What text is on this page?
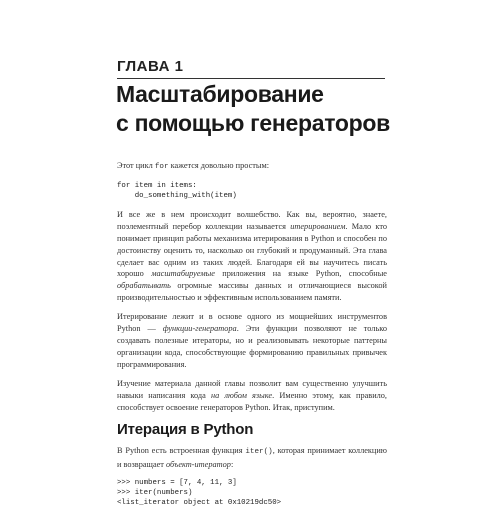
ГЛАВА 1
Масштабирование
с помощью генераторов

Этот цикл for кажется довольно простым:

for item in items:
do_something_with(item)

И все же в нем происходит волшебство. Как вы, вероятно, знаете, поэлементный перебор коллекции называется итерированием. Мало кто понимает принцип работы механизма итерирования в Python и способен по достоинству оценить то, насколько он глубокий и продуманный. Эта глава сделает вас одним из таких людей. Благодаря ей вы научитесь писать хорошо масштабируемые приложения на языке Python, способные обрабатывать огромные массивы данных и отличающиеся высокой производительностью и эффективным использованием памяти.

Итерирование лежит и в основе одного из мощнейших инструментов Python — функции-генератора. Эти функции позволяют не только создавать полезные итераторы, но и реализовывать некоторые паттерны организации кода, способствующие формированию правильных привычек программирования.

Изучение материала данной главы позволит вам существенно улучшить навыки написания кода на любом языке. Именно этому, как правило, способствует освоение генераторов Python. Итак, приступим.

Итерация в Python

В Python есть встроенная функция iter(), которая принимает коллекцию и возвращает объект-итератор:

>>> numbers = [7, 4, 11, 3]
>>> iter(numbers)
<list_iterator object at 0x10219dc50>
